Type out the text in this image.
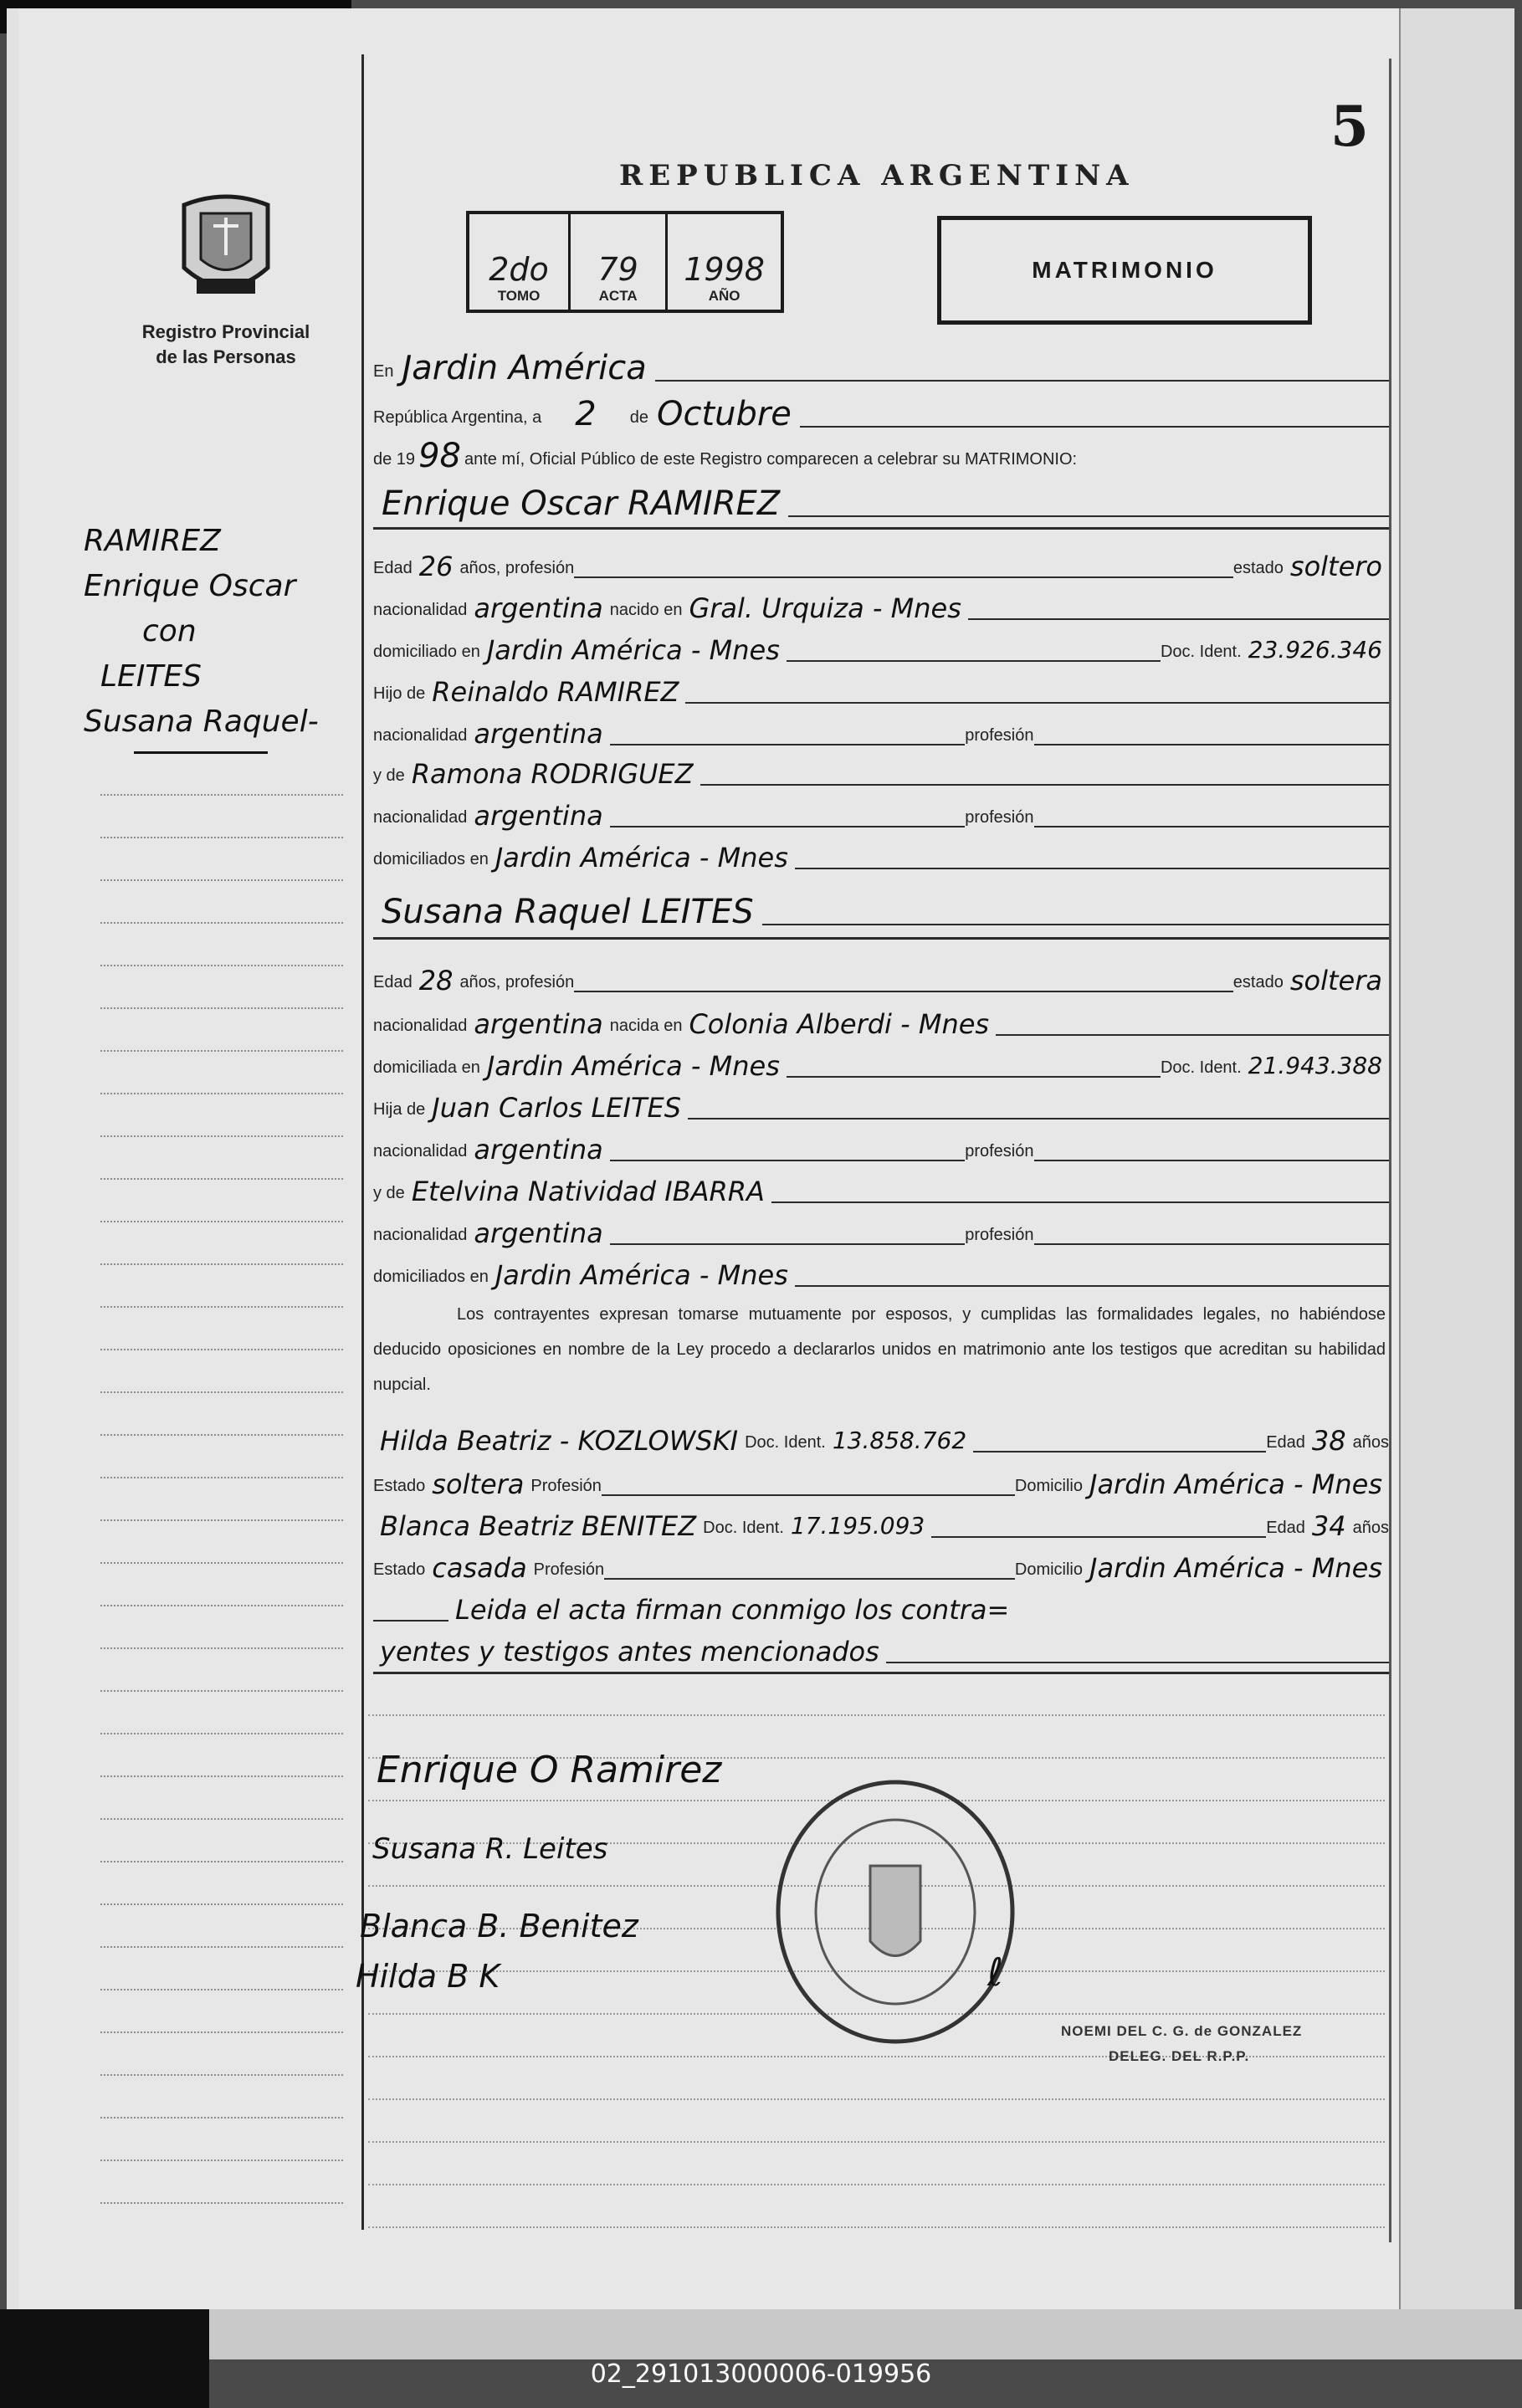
Registro Provincial
de las Personas
RAMIREZ
Enrique Oscar
con
LEITES
Susana Raquel-
5
REPUBLICA ARGENTINA
2do
TOMO
79
ACTA
1998
AÑO
MATRIMONIO
En Jardin América
República Argentina, a	2	de Octubre
de 19 98 ante mí, Oficial Público de este Registro comparecen a celebrar su MATRIMONIO:
Enrique Oscar RAMIREZ
Edad 26 años, profesión	estado soltero
nacionalidad argentina nacido en Gral. Urquiza - Mnes
domiciliado en Jardin América - Mnes	Doc. Ident. 23.926.346
Hijo de Reinaldo RAMIREZ
nacionalidad argentina	profesión
y de Ramona RODRIGUEZ
nacionalidad argentina	profesión
domiciliados en Jardin América - Mnes
Susana Raquel LEITES
Edad 28 años, profesión	estado soltera
nacionalidad argentina nacida en Colonia Alberdi - Mnes
domiciliada en Jardin América - Mnes	Doc. Ident. 21.943.388
Hija de Juan Carlos LEITES
nacionalidad argentina	profesión
y de Etelvina Natividad IBARRA
nacionalidad argentina	profesión
domiciliados en Jardin América - Mnes
Los contrayentes expresan tomarse mutuamente por esposos, y cumplidas las formalidades legales, no habiéndose deducido oposiciones en nombre de la Ley procedo a declararlos unidos en matrimonio ante los testigos que acreditan su habilidad nupcial.
Hilda Beatriz - KOZLOWSKI Doc. Ident. 13.858.762	Edad 38 años
Estado soltera Profesión	Domicilio Jardin América - Mnes
Blanca Beatriz BENITEZ Doc. Ident. 17.195.093	Edad 34 años
Estado casada Profesión	Domicilio Jardin América - Mnes
Leida el acta firman conmigo los contra=
yentes y testigos antes mencionados
Enrique O Ramirez
Susana R. Leites
Blanca B. Benitez
Hilda B K	ℓ
NOEMI DEL C. G. de GONZALEZ
DELEG. DEL R.P.P.
02_291013000006-019956
